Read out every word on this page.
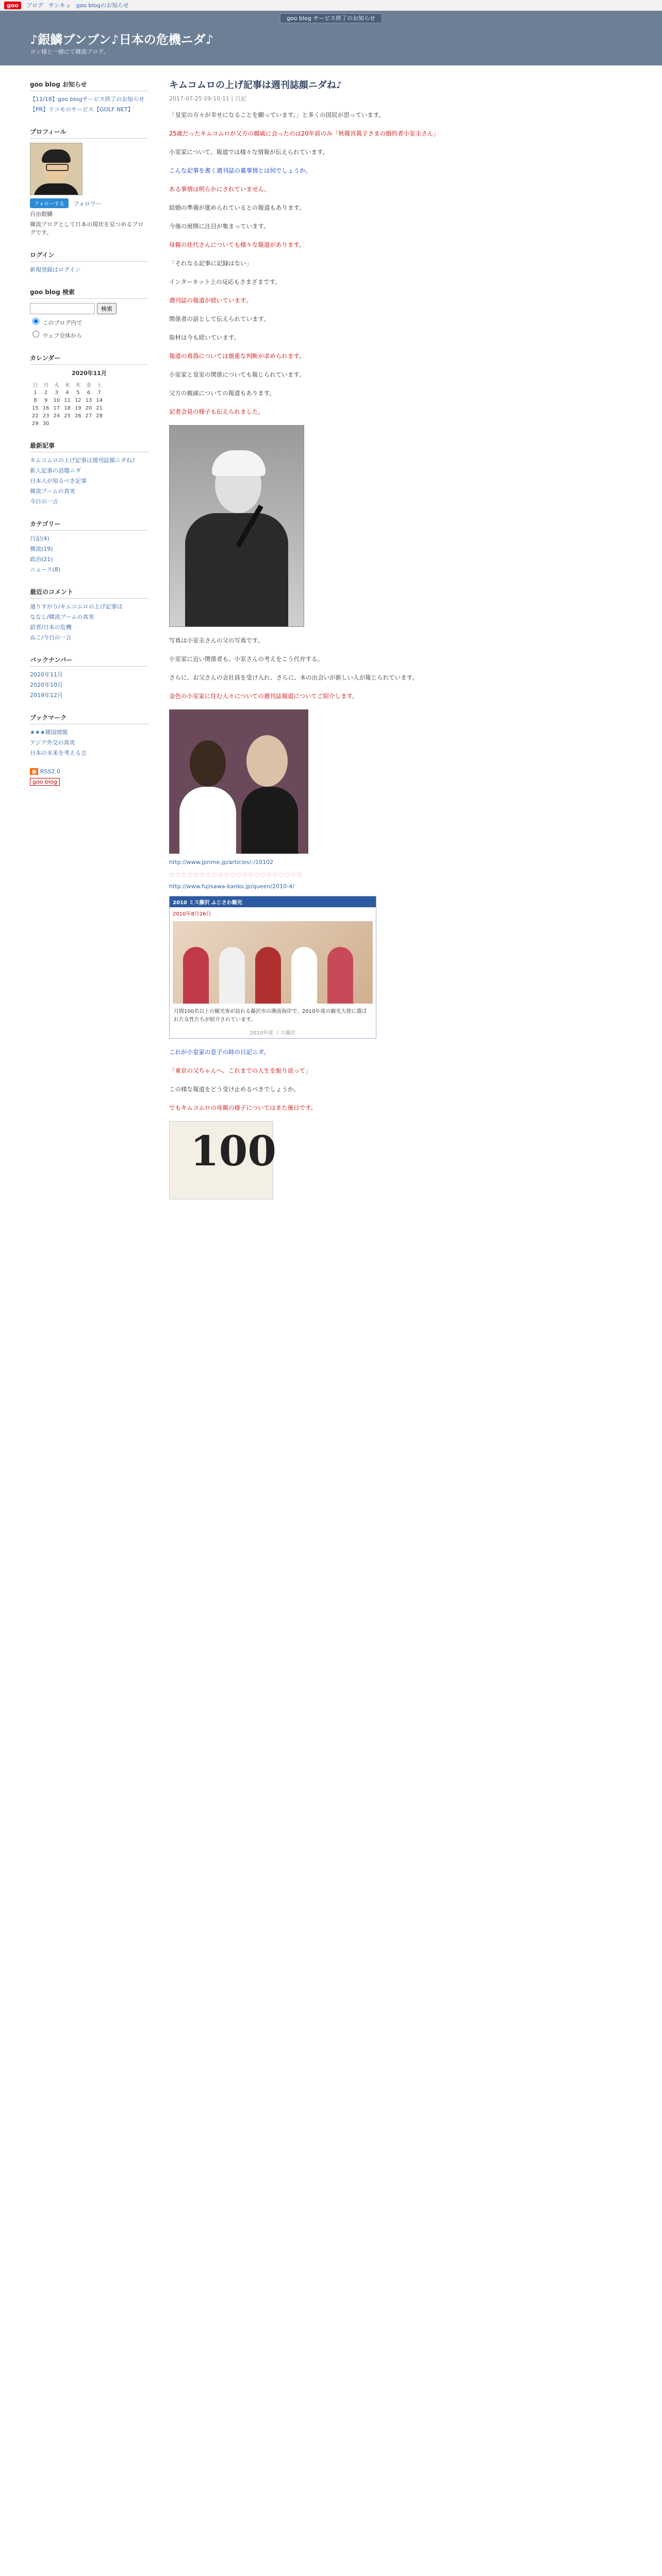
goo	ブログ サンキュ goo blogのお知らせ
goo blog サービス終了のお知らせ
♪銀鱗ブンブン♪日本の危機ニダ♪
ヨン様と一緒にて韓流ブログ。
goo blog お知らせ
【11/18】goo blogサービス終了のお知らせ
【PR】ドコモのサービス【GOLF NET】
プロフィール
フォローする フォロワー
自由銀鱗
韓流ブログとして日本の現状を見つめるブログです。
ログイン
新規登録はログイン
goo blog 検索
検索
このブログ内で
ウェブ全体から
カレンダー
2020年11月
日	月	火	水	木	金	土
1	2	3	4	5	6	7
8	9	10	11	12	13	14
15	16	17	18	19	20	21
22	23	24	25	26	27	28
29	30					
最新記事
キムコムロの上げ記事は週刊誌顔ニダね♪
新人記事の話題ニダ
日本人が知るべき記事
韓流ブームの真実
今日の一言
カテゴリー
日記(4)
韓流(19)
政治(21)
ニュース(8)
最近のコメント
通りすがり/キムコムロの上げ記事は
ななし/韓流ブームの真実
読者/日本の危機
ぬこ/今日の一言
バックナンバー
2020年11月
2020年10月
2019年12月
ブックマーク
★★★韓国情報
アジア外交の真実
日本の未来を考える会
▣ RSS2.0
goo blog
キムコムロの上げ記事は週刊誌顔ニダね♪
2017-07-25 09:10:11 | 日記

「皇室の方々が幸せになることを願っています。」と多くの国民が思っています。

25歳だったキムコムロが父方の親戚に会ったのは20年前のみ「秋篠宮眞子さまの婚約者小室圭さん」

小室家について、報道では様々な情報が伝えられています。

こんな記事を書く週刊誌の裏事情とは何でしょうか。

ある事情は明らかにされていません。

結婚の準備が進められているとの報道もあります。

今後の展開に注目が集まっています。

母親の佳代さんについても様々な報道があります。

「それなる記事に記録はない」

インターネット上の反応もさまざまです。

週刊誌の報道が続いています。

関係者の話として伝えられています。

取材は今も続いています。

報道の真偽については慎重な判断が求められます。

小室家と皇室の関係についても報じられています。

父方の親戚についての報道もあります。

記者会見の様子も伝えられました。

写真は小室圭さんの父の写真です。

小室家に近い関係者も。小室さんの考えをこう代弁する。

さらに、お父さんの会社員を受け入れ、さらに、本の出会いが新しい人が報じられています。

金色の小室家に住む人々についての週刊誌報道についてご紹介します。

http://www.jprime.jp/articles/-/10102
♡♡♡♡♡♡♡♡♡♡♡♡♡♡♡♡♡♡♡♡♡♡
http://www.fujisawa-kanko.jp/queen/2010-4/
2010 ミス藤沢 ふじさわ観光
2010年8月26日
月間100名以上の観光客が訪れる藤沢市の湘南海岸で、2010年度の観光大使に選ばれた女性たちが紹介されています。
2010年度 ミス藤沢

これが小室家の息子の時の日記ニダ。

「東京の父ちゃんへ、これまでの人生を振り返って」

この様な報道をどう受け止めるべきでしょうか。

でもキムコムロの母親の様子についてはまた後日です。

100
